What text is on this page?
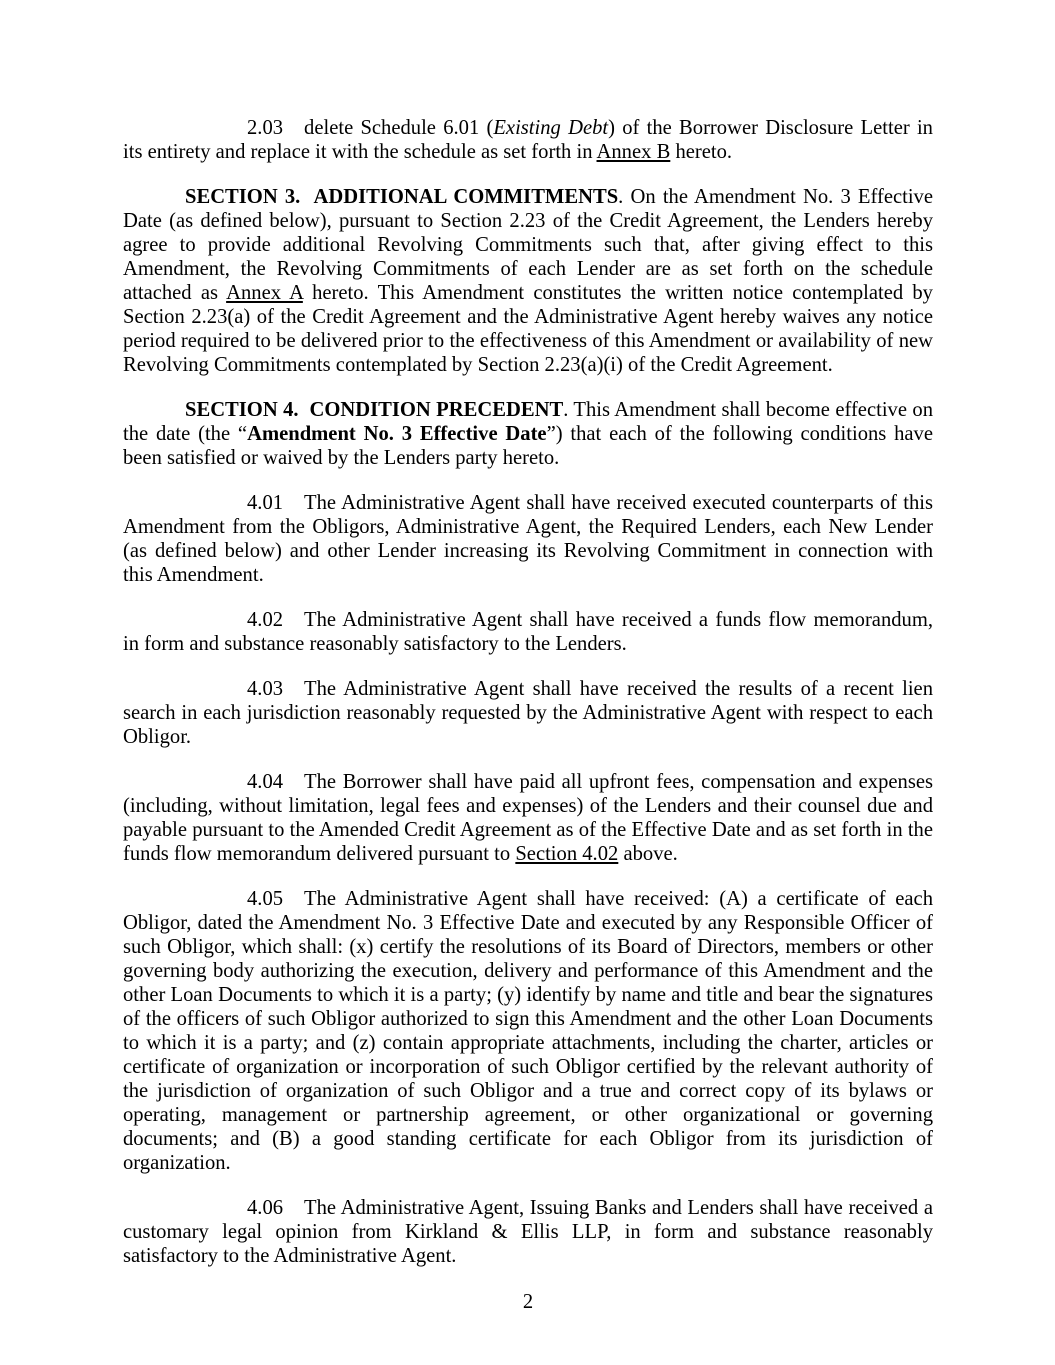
2.03 delete Schedule 6.01 (Existing Debt) of the Borrower Disclosure Letter in its entirety and replace it with the schedule as set forth in Annex B hereto.

SECTION 3.  ADDITIONAL COMMITMENTS. On the Amendment No. 3 Effective Date (as defined below), pursuant to Section 2.23 of the Credit Agreement, the Lenders hereby agree to provide additional Revolving Commitments such that, after giving effect to this Amendment, the Revolving Commitments of each Lender are as set forth on the schedule attached as Annex A hereto. This Amendment constitutes the written notice contemplated by Section 2.23(a) of the Credit Agreement and the Administrative Agent hereby waives any notice period required to be delivered prior to the effectiveness of this Amendment or availability of new Revolving Commitments contemplated by Section 2.23(a)(i) of the Credit Agreement.

SECTION 4.  CONDITION PRECEDENT. This Amendment shall become effective on the date (the “Amendment No. 3 Effective Date”) that each of the following conditions have been satisfied or waived by the Lenders party hereto.

4.01 The Administrative Agent shall have received executed counterparts of this Amendment from the Obligors, Administrative Agent, the Required Lenders, each New Lender (as defined below) and other Lender increasing its Revolving Commitment in connection with this Amendment.

4.02 The Administrative Agent shall have received a funds flow memorandum, in form and substance reasonably satisfactory to the Lenders.

4.03 The Administrative Agent shall have received the results of a recent lien search in each jurisdiction reasonably requested by the Administrative Agent with respect to each Obligor.

4.04 The Borrower shall have paid all upfront fees, compensation and expenses (including, without limitation, legal fees and expenses) of the Lenders and their counsel due and payable pursuant to the Amended Credit Agreement as of the Effective Date and as set forth in the funds flow memorandum delivered pursuant to Section 4.02 above.

4.05 The Administrative Agent shall have received: (A) a certificate of each Obligor, dated the Amendment No. 3 Effective Date and executed by any Responsible Officer of such Obligor, which shall: (x) certify the resolutions of its Board of Directors, members or other governing body authorizing the execution, delivery and performance of this Amendment and the other Loan Documents to which it is a party; (y) identify by name and title and bear the signatures of the officers of such Obligor authorized to sign this Amendment and the other Loan Documents to which it is a party; and (z) contain appropriate attachments, including the charter, articles or certificate of organization or incorporation of such Obligor certified by the relevant authority of the jurisdiction of organization of such Obligor and a true and correct copy of its bylaws or operating, management or partnership agreement, or other organizational or governing documents; and (B) a good standing certificate for each Obligor from its jurisdiction of organization.

4.06 The Administrative Agent, Issuing Banks and Lenders shall have received a customary legal opinion from Kirkland & Ellis LLP, in form and substance reasonably satisfactory to the Administrative Agent.

2
